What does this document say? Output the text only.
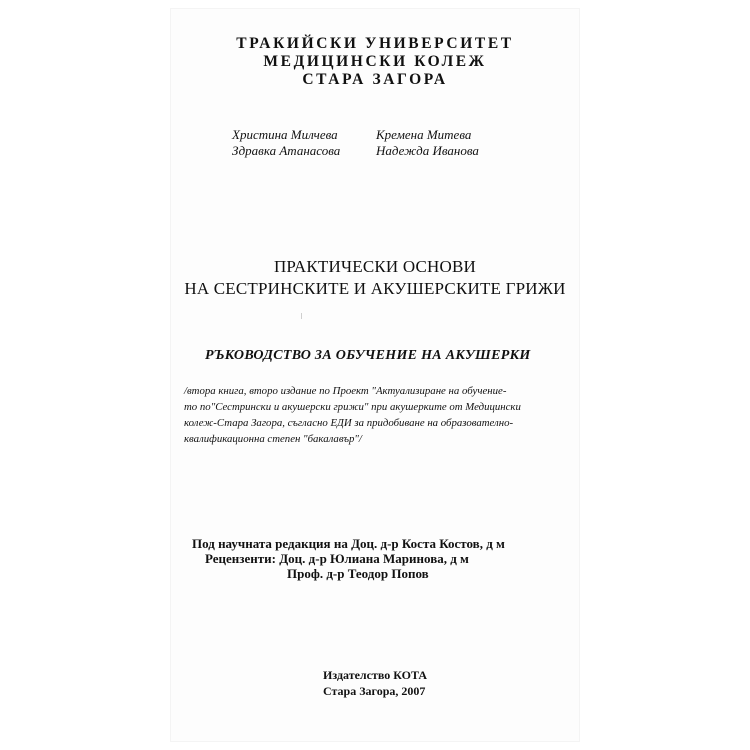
ТРАКИЙСКИ УНИВЕРСИТЕТ
МЕДИЦИНСКИ КОЛЕЖ
СТАРА ЗАГОРА
Христина Милчева	Кремена Митева
Здравка Атанасова	Надежда Иванова
ПРАКТИЧЕСКИ ОСНОВИ
НА СЕСТРИНСКИТЕ И АКУШЕРСКИТЕ ГРИЖИ
РЪКОВОДСТВО ЗА ОБУЧЕНИЕ НА АКУШЕРКИ
/втора книга, второ издание по Проект "Актуализиране на обучение-
то по"Сестрински и акушерски грижи" при акушерките от Медицински
колеж-Стара Загора, съгласно ЕДИ за придобиване на образователно-
квалификационна степен "бакалавър"/
Под научната редакция на Доц. д-р Коста Костов, д м
Рецензенти: Доц. д-р Юлиана Маринова, д м
Проф. д-р Теодор Попов
Издателство КОТА
Стара Загора, 2007
